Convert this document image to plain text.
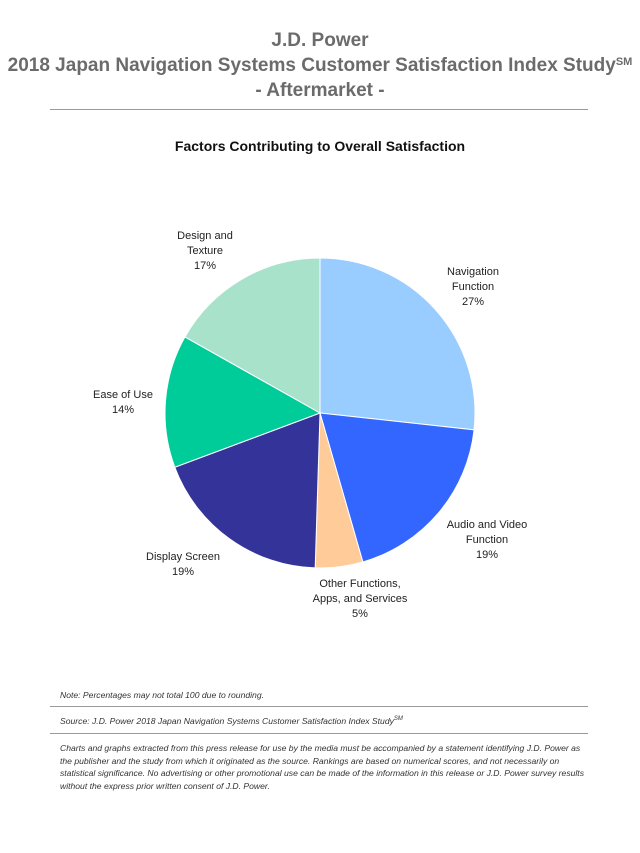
J.D. Power
2018 Japan Navigation Systems Customer Satisfaction Index Study℠
- Aftermarket -
Factors Contributing to Overall Satisfaction
Navigation Function 27%
Audio and Video Function 19%
Other Functions, Apps, and Services 5%
Display Screen 19%
Ease of Use 14%
Design and Texture 17%
Note: Percentages may not total 100 due to rounding.
Source: J.D. Power 2018 Japan Navigation Systems Customer Satisfaction Index Study℠
Charts and graphs extracted from this press release for use by the media must be accompanied by a statement identifying J.D. Power as the publisher and the study from which it originated as the source. Rankings are based on numerical scores, and not necessarily on statistical significance. No advertising or other promotional use can be made of the information in this release or J.D. Power survey results without the express prior written consent of J.D. Power.
